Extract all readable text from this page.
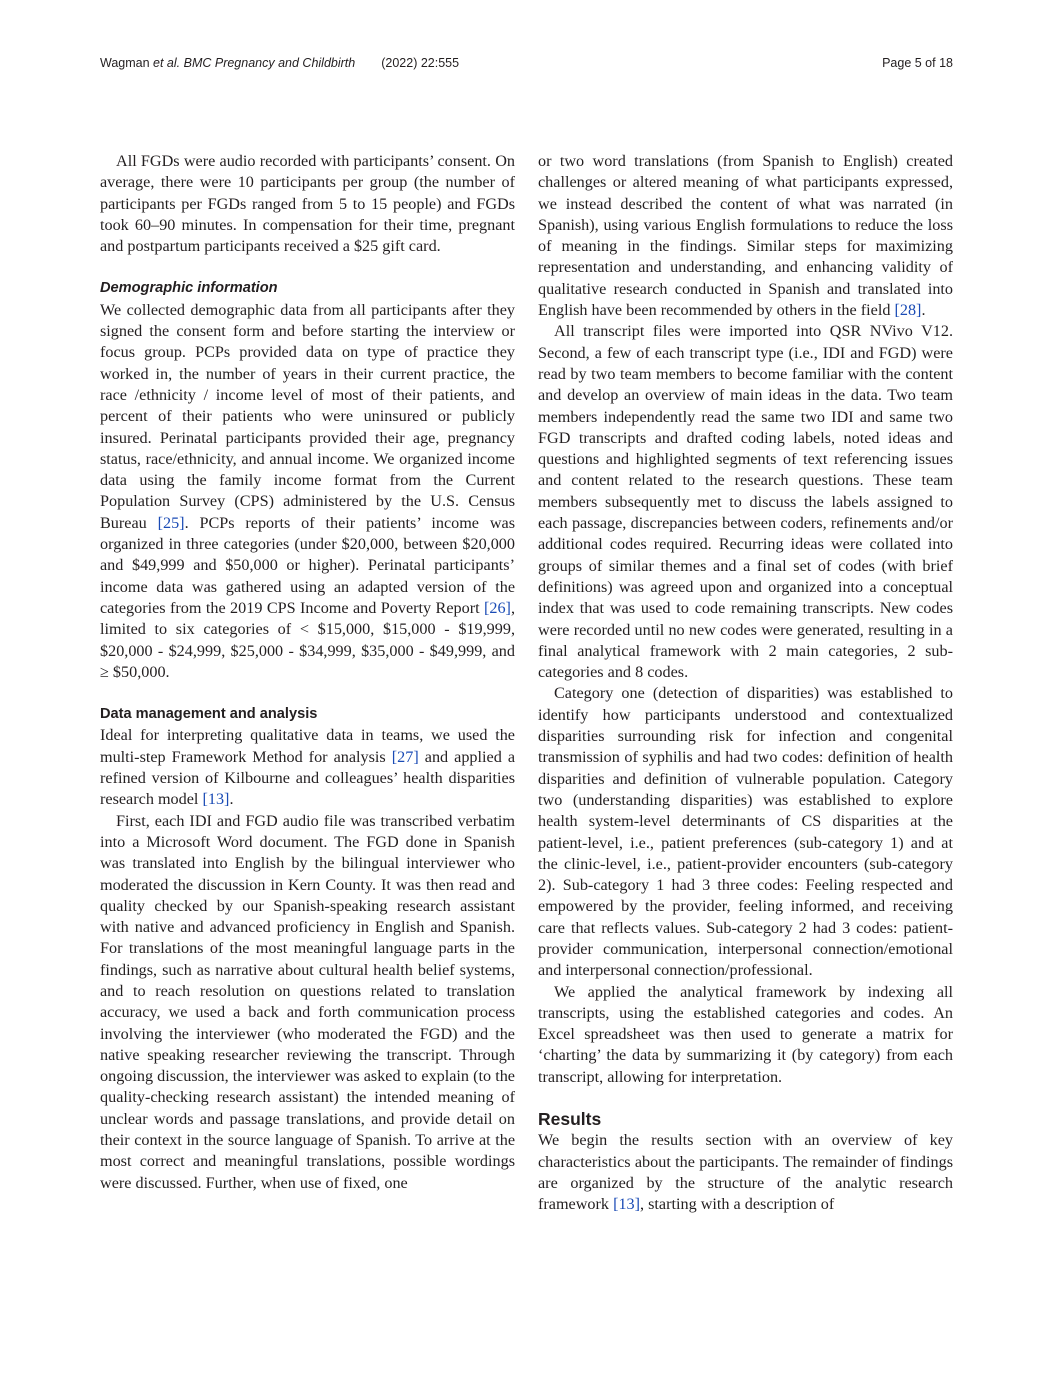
Wagman et al. BMC Pregnancy and Childbirth (2022) 22:555	Page 5 of 18

All FGDs were audio recorded with participants’ consent. On average, there were 10 participants per group (the number of participants per FGDs ranged from 5 to 15 people) and FGDs took 60–90 minutes. In compensation for their time, pregnant and postpartum participants received a $25 gift card.

Demographic information

We collected demographic data from all participants after they signed the consent form and before starting the interview or focus group. PCPs provided data on type of practice they worked in, the number of years in their current practice, the race /ethnicity / income level of most of their patients, and percent of their patients who were uninsured or publicly insured. Perinatal participants provided their age, pregnancy status, race/ethnicity, and annual income. We organized income data using the family income format from the Current Population Survey (CPS) administered by the U.S. Census Bureau [25]. PCPs reports of their patients’ income was organized in three categories (under $20,000, between $20,000 and $49,999 and $50,000 or higher). Perinatal participants’ income data was gathered using an adapted version of the categories from the 2019 CPS Income and Poverty Report [26], limited to six categories of < $15,000, $15,000 - $19,999, $20,000 - $24,999, $25,000 - $34,999, $35,000 - $49,999, and ≥ $50,000.

Data management and analysis

Ideal for interpreting qualitative data in teams, we used the multi-step Framework Method for analysis [27] and applied a refined version of Kilbourne and colleagues’ health disparities research model [13].

First, each IDI and FGD audio file was transcribed verbatim into a Microsoft Word document. The FGD done in Spanish was translated into English by the bilingual interviewer who moderated the discussion in Kern County. It was then read and quality checked by our Spanish-speaking research assistant with native and advanced proficiency in English and Spanish. For translations of the most meaningful language parts in the findings, such as narrative about cultural health belief systems, and to reach resolution on questions related to translation accuracy, we used a back and forth communication process involving the interviewer (who moderated the FGD) and the native speaking researcher reviewing the transcript. Through ongoing discussion, the interviewer was asked to explain (to the quality-checking research assistant) the intended meaning of unclear words and passage translations, and provide detail on their context in the source language of Spanish. To arrive at the most correct and meaningful translations, possible wordings were discussed. Further, when use of fixed, one

or two word translations (from Spanish to English) created challenges or altered meaning of what participants expressed, we instead described the content of what was narrated (in Spanish), using various English formulations to reduce the loss of meaning in the findings. Similar steps for maximizing representation and understanding, and enhancing validity of qualitative research conducted in Spanish and translated into English have been recommended by others in the field [28].

All transcript files were imported into QSR NVivo V12. Second, a few of each transcript type (i.e., IDI and FGD) were read by two team members to become familiar with the content and develop an overview of main ideas in the data. Two team members independently read the same two IDI and same two FGD transcripts and drafted coding labels, noted ideas and questions and highlighted segments of text referencing issues and content related to the research questions. These team members subsequently met to discuss the labels assigned to each passage, discrepancies between coders, refinements and/or additional codes required. Recurring ideas were collated into groups of similar themes and a final set of codes (with brief definitions) was agreed upon and organized into a conceptual index that was used to code remaining transcripts. New codes were recorded until no new codes were generated, resulting in a final analytical framework with 2 main categories, 2 sub-categories and 8 codes.

Category one (detection of disparities) was established to identify how participants understood and contextualized disparities surrounding risk for infection and congenital transmission of syphilis and had two codes: definition of health disparities and definition of vulnerable population. Category two (understanding disparities) was established to explore health system-level determinants of CS disparities at the patient-level, i.e., patient preferences (sub-category 1) and at the clinic-level, i.e., patient-provider encounters (sub-category 2). Sub-category 1 had 3 three codes: Feeling respected and empowered by the provider, feeling informed, and receiving care that reflects values. Sub-category 2 had 3 codes: patient-provider communication, interpersonal connection/emotional and interpersonal connection/professional.

We applied the analytical framework by indexing all transcripts, using the established categories and codes. An Excel spreadsheet was then used to generate a matrix for ‘charting’ the data by summarizing it (by category) from each transcript, allowing for interpretation.

Results

We begin the results section with an overview of key characteristics about the participants. The remainder of findings are organized by the structure of the analytic research framework [13], starting with a description of
